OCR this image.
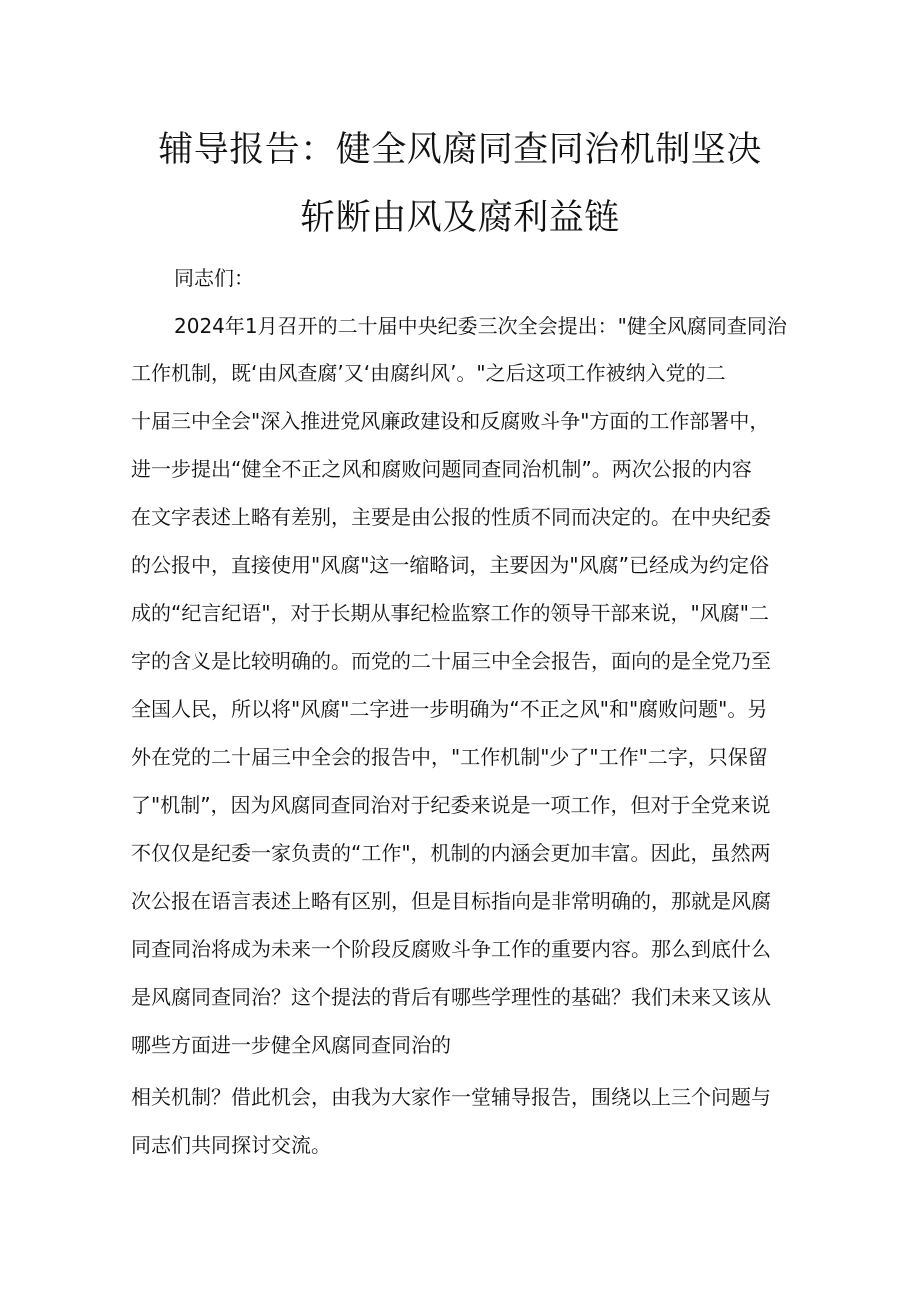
辅导报告：健全风腐同查同治机制坚决
斩断由风及腐利益链

同志们：

2024年1月召开的二十届中央纪委三次全会提出："健全风腐同查同治

工作机制，既‘由风查腐’又‘由腐纠风’。"之后这项工作被纳入党的二

十届三中全会"深入推进党风廉政建设和反腐败斗争"方面的工作部署中，

进一步提出“健全不正之风和腐败问题同查同治机制”。两次公报的内容

在文字表述上略有差别，主要是由公报的性质不同而决定的。在中央纪委

的公报中，直接使用"风腐"这一缩略词，主要因为"风腐”已经成为约定俗

成的“纪言纪语"，对于长期从事纪检监察工作的领导干部来说，"风腐"二

字的含义是比较明确的。而党的二十届三中全会报告，面向的是全党乃至

全国人民，所以将"风腐"二字进一步明确为“不正之风"和"腐败问题"。另

外在党的二十届三中全会的报告中，"工作机制"少了"工作"二字，只保留

了"机制”，因为风腐同查同治对于纪委来说是一项工作，但对于全党来说

不仅仅是纪委一家负责的“工作"，机制的内涵会更加丰富。因此，虽然两

次公报在语言表述上略有区别，但是目标指向是非常明确的，那就是风腐

同查同治将成为未来一个阶段反腐败斗争工作的重要内容。那么到底什么

是风腐同查同治？这个提法的背后有哪些学理性的基础？我们未来又该从

哪些方面进一步健全风腐同查同治的

相关机制？借此机会，由我为大家作一堂辅导报告，围绕以上三个问题与

同志们共同探讨交流。
